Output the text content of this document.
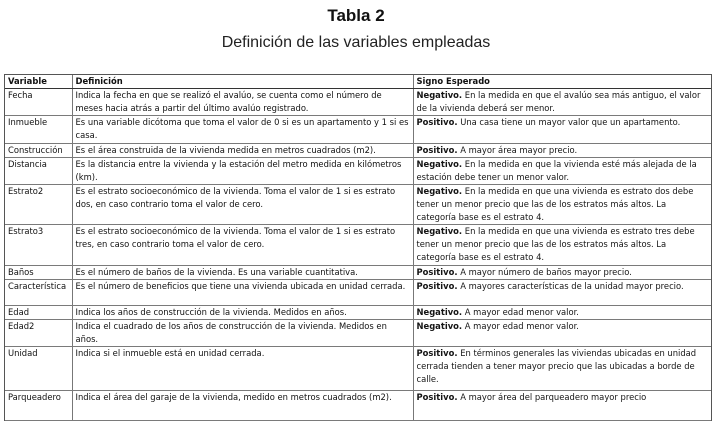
Tabla 2
Definición de las variables empleadas
Variable	Definición	Signo Esperado
Fecha	Indica la fecha en que se realizó el avalúo, se cuenta como el número de meses hacia atrás a partir del último avalúo registrado.	Negativo. En la medida en que el avalúo sea más antiguo, el valor de la vivienda deberá ser menor.
Inmueble	Es una variable dicótoma que toma el valor de 0 si es un apartamento y 1 si es casa.	Positivo. Una casa tiene un mayor valor que un apartamento.
Construcción	Es el área construida de la vivienda medida en metros cuadrados (m2).	Positivo. A mayor área mayor precio.
Distancia	Es la distancia entre la vivienda y la estación del metro medida en kilómetros (km).	Negativo. En la medida en que la vivienda esté más alejada de la estación debe tener un menor valor.
Estrato2	Es el estrato socioeconómico de la vivienda. Toma el valor de 1 si es estrato dos, en caso contrario toma el valor de cero.	Negativo. En la medida en que una vivienda es estrato dos debe tener un menor precio que las de los estratos más altos. La categoría base es el estrato 4.
Estrato3	Es el estrato socioeconómico de la vivienda. Toma el valor de 1 si es estrato tres, en caso contrario toma el valor de cero.	Negativo. En la medida en que una vivienda es estrato tres debe tener un menor precio que las de los estratos más altos. La categoría base es el estrato 4.
Baños	Es el número de baños de la vivienda. Es una variable cuantitativa.	Positivo. A mayor número de baños mayor precio.
Característica	Es el número de beneficios que tiene una vivienda ubicada en unidad cerrada.	Positivo. A mayores características de la unidad mayor precio.
Edad	Indica los años de construcción de la vivienda. Medidos en años.	Negativo. A mayor edad menor valor.
Edad2	Indica el cuadrado de los años de construcción de la vivienda. Medidos en años.	Negativo. A mayor edad menor valor.
Unidad	Indica si el inmueble está en unidad cerrada.	Positivo. En términos generales las viviendas ubicadas en unidad cerrada tienden a tener mayor precio que las ubicadas a borde de calle.
Parqueadero	Indica el área del garaje de la vivienda, medido en metros cuadrados (m2).	Positivo. A mayor área del parqueadero mayor precio
